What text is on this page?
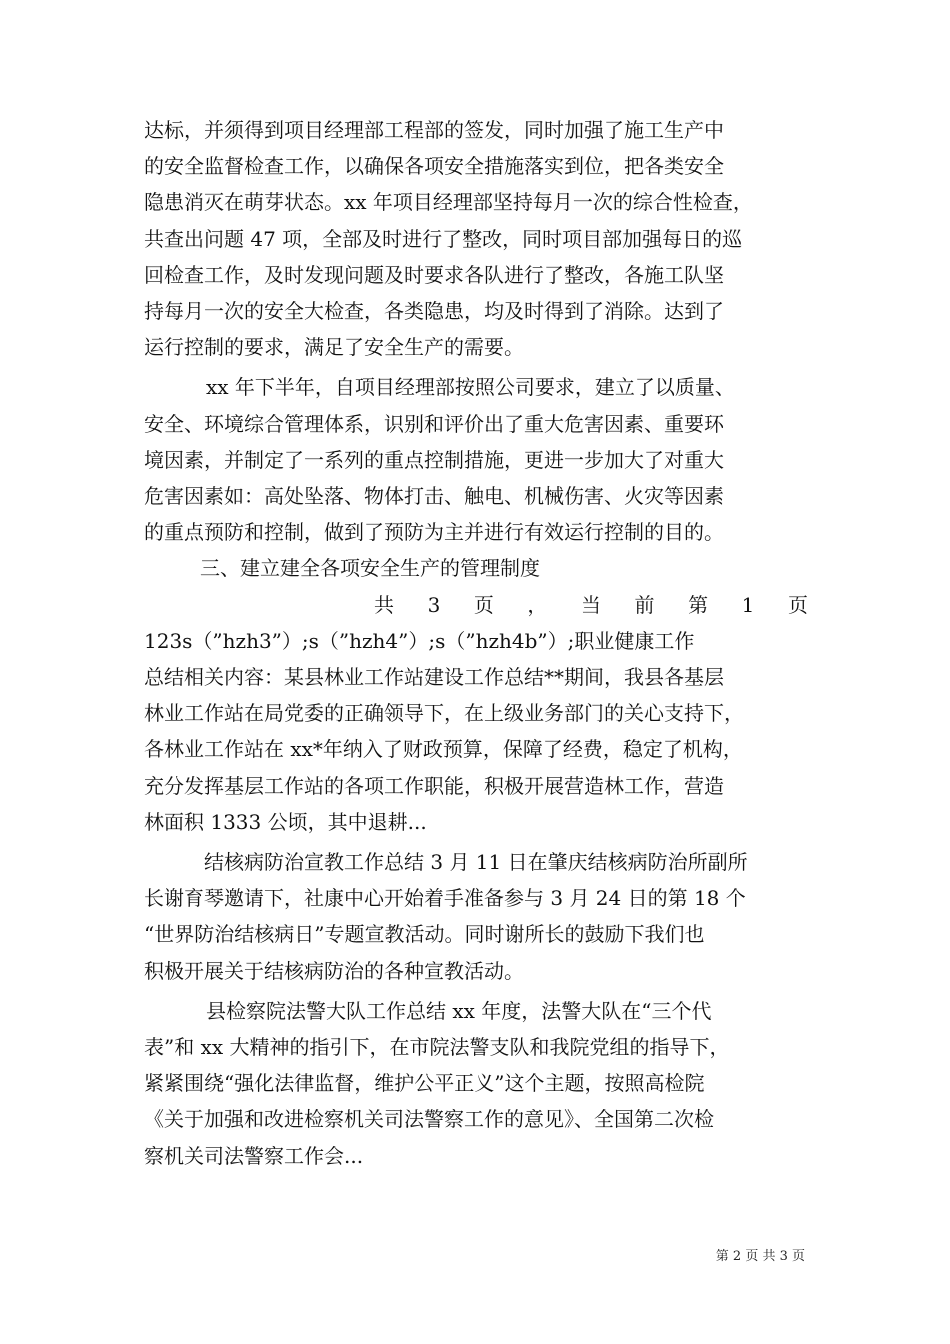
达标，并须得到项目经理部工程部的签发，同时加强了施工生产中

的安全监督检查工作，以确保各项安全措施落实到位，把各类安全

隐患消灭在萌芽状态。xx 年项目经理部坚持每月一次的综合性检查，

共查出问题 47 项，全部及时进行了整改，同时项目部加强每日的巡

回检查工作，及时发现问题及时要求各队进行了整改，各施工队坚

持每月一次的安全大检查，各类隐患，均及时得到了消除。达到了

运行控制的要求，满足了安全生产的需要。

xx 年下半年，自项目经理部按照公司要求，建立了以质量、

安全、环境综合管理体系，识别和评价出了重大危害因素、重要环

境因素，并制定了一系列的重点控制措施，更进一步加大了对重大

危害因素如：高处坠落、物体打击、触电、机械伤害、火灾等因素

的重点预防和控制，做到了预防为主并进行有效运行控制的目的。

三、建立建全各项安全生产的管理制度

共 3 页 ， 当 前 第 1 页

123s（”hzh3”）;s（”hzh4”）;s（”hzh4b”）;职业健康工作

总结相关内容：某县林业工作站建设工作总结**期间，我县各基层

林业工作站在局党委的正确领导下，在上级业务部门的关心支持下，

各林业工作站在 xx*年纳入了财政预算，保障了经费，稳定了机构，

充分发挥基层工作站的各项工作职能，积极开展营造林工作，营造

林面积 1333 公顷，其中退耕...

结核病防治宣教工作总结 3 月 11 日在肇庆结核病防治所副所

长谢育琴邀请下，社康中心开始着手准备参与 3 月 24 日的第 18 个

“世界防治结核病日”专题宣教活动。同时谢所长的鼓励下我们也

积极开展关于结核病防治的各种宣教活动。

县检察院法警大队工作总结 xx 年度，法警大队在“三个代

表”和 xx 大精神的指引下，在市院法警支队和我院党组的指导下，

紧紧围绕“强化法律监督，维护公平正义”这个主题，按照高检院

《关于加强和改进检察机关司法警察工作的意见》、全国第二次检

察机关司法警察工作会...

第 2 页 共 3 页
